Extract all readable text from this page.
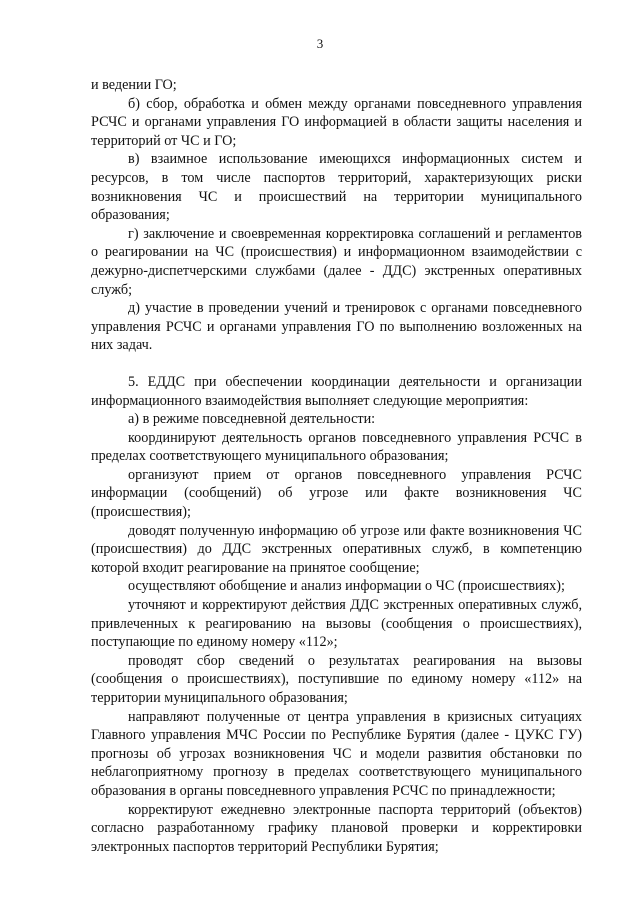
3

и ведении ГО;

б) сбор, обработка и обмен между органами повседневного управления РСЧС и органами управления ГО информацией в области защиты населения и территорий от ЧС и ГО;

в) взаимное использование имеющихся информационных систем и ресурсов, в том числе паспортов территорий, характеризующих риски возникновения ЧС и происшествий на территории муниципального образования;

г) заключение и своевременная корректировка соглашений и регламентов о реагировании на ЧС (происшествия) и информационном взаимодействии с дежурно-диспетчерскими службами (далее - ДДС) экстренных оперативных служб;

д) участие в проведении учений и тренировок с органами повседневного управления РСЧС и органами управления ГО по выполнению возложенных на них задач.

5. ЕДДС при обеспечении координации деятельности и организации информационного взаимодействия выполняет следующие мероприятия:

а) в режиме повседневной деятельности:

координируют деятельность органов повседневного управления РСЧС в пределах соответствующего муниципального образования;

организуют прием от органов повседневного управления РСЧС информации (сообщений) об угрозе или факте возникновения ЧС (происшествия);

доводят полученную информацию об угрозе или факте возникновения ЧС (происшествия) до ДДС экстренных оперативных служб, в компетенцию которой входит реагирование на принятое сообщение;

осуществляют обобщение и анализ информации о ЧС (происшествиях);

уточняют и корректируют действия ДДС экстренных оперативных служб, привлеченных к реагированию на вызовы (сообщения о происшествиях), поступающие по единому номеру «112»;

проводят сбор сведений о результатах реагирования на вызовы (сообщения о происшествиях), поступившие по единому номеру «112» на территории муниципального образования;

направляют полученные от центра управления в кризисных ситуациях Главного управления МЧС России по Республике Бурятия (далее - ЦУКС ГУ) прогнозы об угрозах возникновения ЧС и модели развития обстановки по неблагоприятному прогнозу в пределах соответствующего муниципального образования в органы повседневного управления РСЧС по принадлежности;

корректируют ежедневно электронные паспорта территорий (объектов) согласно разработанному графику плановой проверки и корректировки электронных паспортов территорий Республики Бурятия;
